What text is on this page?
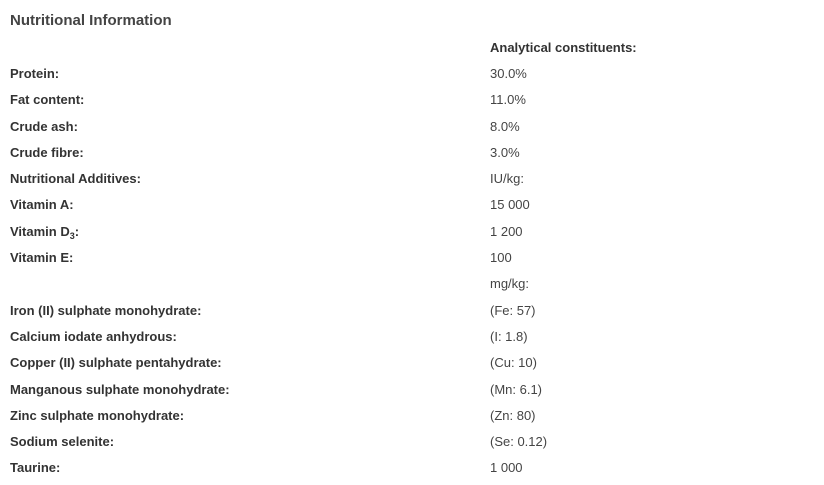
Nutritional Information
	Analytical constituents:
Protein:	30.0%
Fat content:	11.0%
Crude ash:	8.0%
Crude fibre:	3.0%
Nutritional Additives:	IU/kg:
Vitamin A:	15 000
Vitamin $D_3$:	1 200
Vitamin E:	100
	mg/kg:
Iron (II) sulphate monohydrate:	(Fe: 57)
Calcium iodate anhydrous:	(I: 1.8)
Copper (II) sulphate pentahydrate:	(Cu: 10)
Manganous sulphate monohydrate:	(Mn: 6.1)
Zinc sulphate monohydrate:	(Zn: 80)
Sodium selenite:	(Se: 0.12)
Taurine:	1 000
